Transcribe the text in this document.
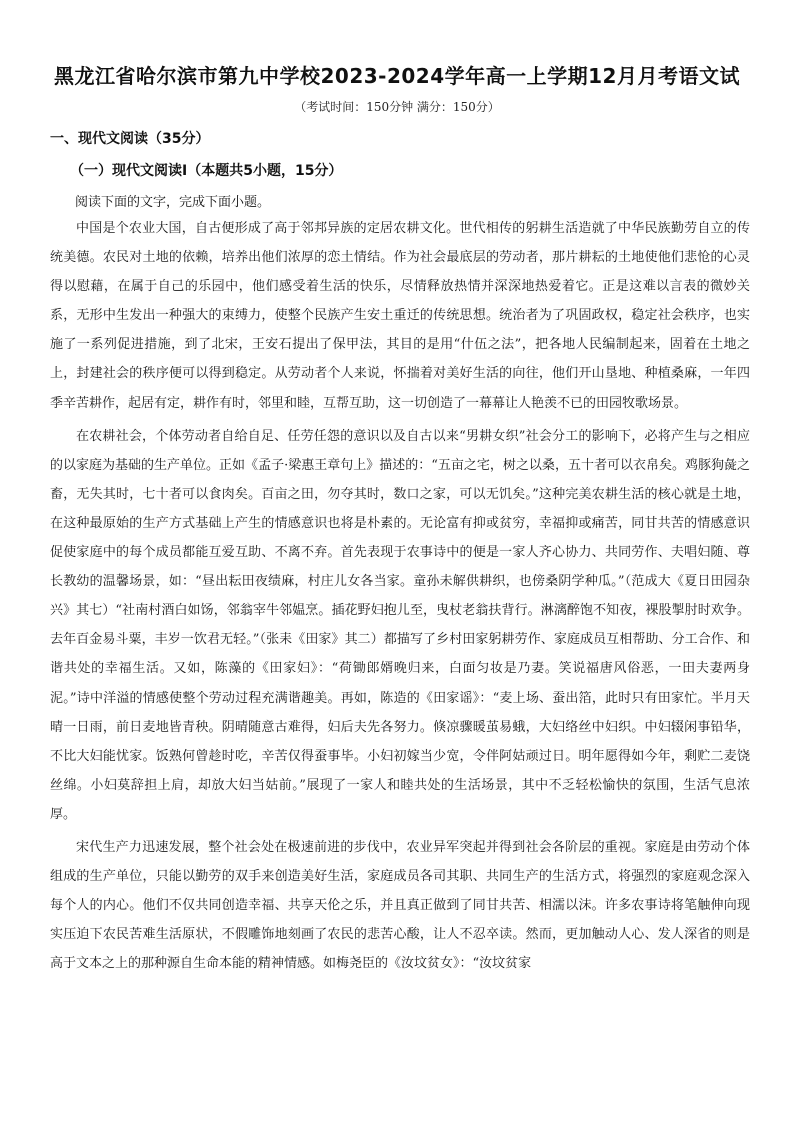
黑龙江省哈尔滨市第九中学校2023-2024学年高一上学期12月月考语文试
（考试时间：150分钟 满分：150分）
一、现代文阅读（35分）
（一）现代文阅读Ⅰ（本题共5小题，15分）
阅读下面的文字，完成下面小题。

中国是个农业大国，自古便形成了高于邻邦异族的定居农耕文化。世代相传的躬耕生活造就了中华民族勤劳自立的传统美德。农民对土地的依赖，培养出他们浓厚的恋土情结。作为社会最底层的劳动者，那片耕耘的土地使他们悲怆的心灵得以慰藉，在属于自己的乐园中，他们感受着生活的快乐，尽情释放热情并深深地热爱着它。正是这难以言表的微妙关系，无形中生发出一种强大的束缚力，使整个民族产生安土重迁的传统思想。统治者为了巩固政权，稳定社会秩序，也实施了一系列促进措施，到了北宋，王安石提出了保甲法，其目的是用“什伍之法”，把各地人民编制起来，固着在土地之上，封建社会的秩序便可以得到稳定。从劳动者个人来说，怀揣着对美好生活的向往，他们开山垦地、种植桑麻，一年四季辛苦耕作，起居有定，耕作有时，邻里和睦，互帮互助，这一切创造了一幕幕让人艳羡不已的田园牧歌场景。

在农耕社会，个体劳动者自给自足、任劳任怨的意识以及自古以来“男耕女织”社会分工的影响下，必将产生与之相应的以家庭为基础的生产单位。正如《孟子·梁惠王章句上》描述的：“五亩之宅，树之以桑，五十者可以衣帛矣。鸡豚狗彘之畜，无失其时，七十者可以食肉矣。百亩之田，勿夺其时，数口之家，可以无饥矣。”这种完美农耕生活的核心就是土地，在这种最原始的生产方式基础上产生的情感意识也将是朴素的。无论富有抑或贫穷，幸福抑或痛苦，同甘共苦的情感意识促使家庭中的每个成员都能互爱互助、不离不弃。首先表现于农事诗中的便是一家人齐心协力、共同劳作、夫唱妇随、尊长教幼的温馨场景，如：“昼出耘田夜绩麻，村庄儿女各当家。童孙未解供耕织，也傍桑阴学种瓜。”（范成大《夏日田园杂兴》其七）“社南村酒白如饧，邻翁宰牛邻媪烹。插花野妇抱儿至，曳杖老翁扶背行。淋漓醉饱不知夜，裸股掣肘时欢争。去年百金易斗粟，丰岁一饮君无轻。”（张耒《田家》其二）都描写了乡村田家躬耕劳作、家庭成员互相帮助、分工合作、和谐共处的幸福生活。又如，陈藻的《田家妇》：“荷锄郎婿晚归来，白面匀妆是乃妻。笑说福唐风俗恶，一田夫妻两身泥。”诗中洋溢的情感使整个劳动过程充满谐趣美。再如，陈造的《田家谣》：“麦上场、蚕出箔，此时只有田家忙。半月天晴一日雨，前日麦地皆青秧。阴晴随意古难得，妇后夫先各努力。倏凉骤暖茧易蛾，大妇络丝中妇织。中妇辍闲事铅华，不比大妇能忧家。饭熟何曾趁时吃，辛苦仅得蚕事毕。小妇初嫁当少宽，令伴阿姑顽过日。明年愿得如今年，剩贮二麦饶丝绵。小妇莫辞担上肩，却放大妇当姑前。”展现了一家人和睦共处的生活场景，其中不乏轻松愉快的氛围，生活气息浓厚。

宋代生产力迅速发展，整个社会处在极速前进的步伐中，农业异军突起并得到社会各阶层的重视。家庭是由劳动个体组成的生产单位，只能以勤劳的双手来创造美好生活，家庭成员各司其职、共同生产的生活方式，将强烈的家庭观念深入每个人的内心。他们不仅共同创造幸福、共享天伦之乐，并且真正做到了同甘共苦、相濡以沫。许多农事诗将笔触伸向现实压迫下农民苦难生活原状，不假雕饰地刻画了农民的悲苦心酸，让人不忍卒读。然而，更加触动人心、发人深省的则是高于文本之上的那种源自生命本能的精神情感。如梅尧臣的《汝坟贫女》：“汝坟贫家
